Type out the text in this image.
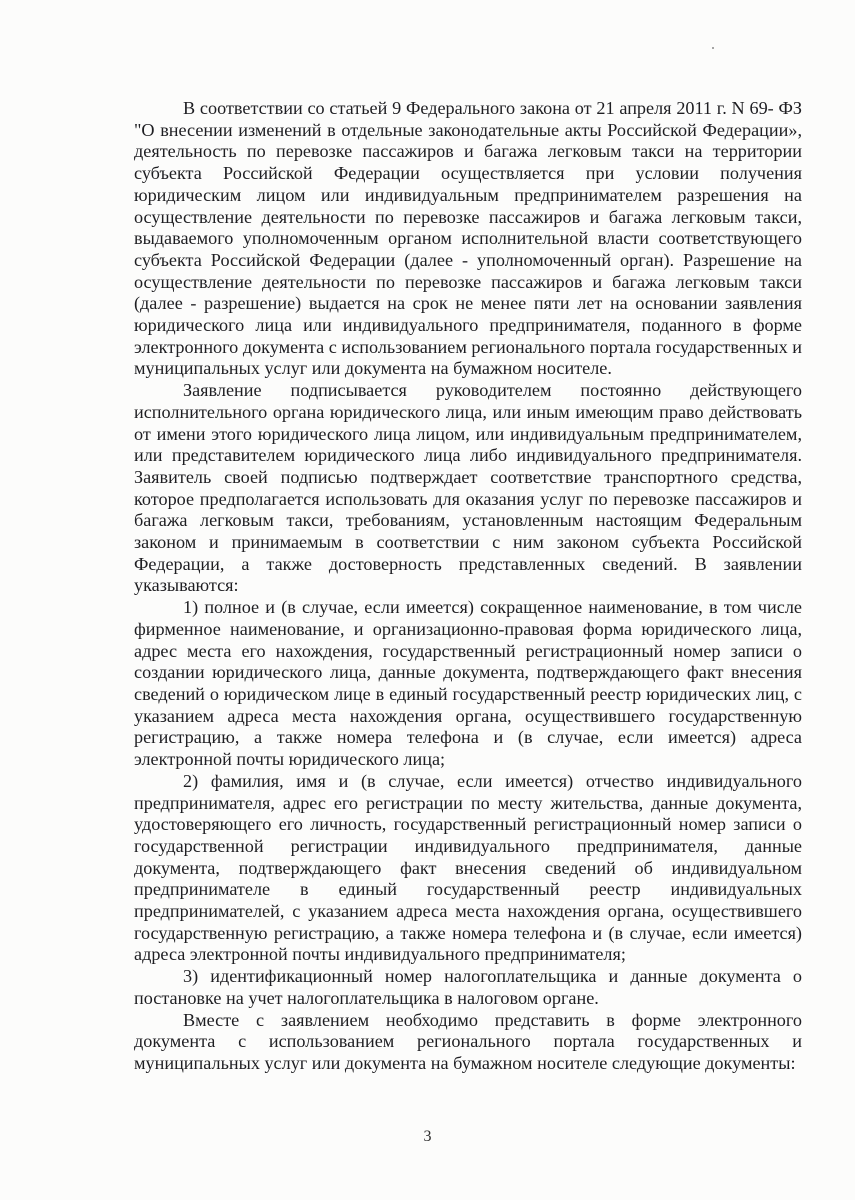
В соответствии со статьей 9 Федерального закона от 21 апреля 2011 г. N 69- ФЗ "О внесении изменений в отдельные законодательные акты Российской Федерации», деятельность по перевозке пассажиров и багажа легковым такси на территории субъекта Российской Федерации осуществляется при условии получения юридическим лицом или индивидуальным предпринимателем разрешения на осуществление деятельности по перевозке пассажиров и багажа легковым такси, выдаваемого уполномоченным органом исполнительной власти соответствующего субъекта Российской Федерации (далее - уполномоченный орган). Разрешение на осуществление деятельности по перевозке пассажиров и багажа легковым такси (далее - разрешение) выдается на срок не менее пяти лет на основании заявления юридического лица или индивидуального предпринимателя, поданного в форме электронного документа с использованием регионального портала государственных и муниципальных услуг или документа на бумажном носителе.

Заявление подписывается руководителем постоянно действующего исполнительного органа юридического лица, или иным имеющим право действовать от имени этого юридического лица лицом, или индивидуальным предпринимателем, или представителем юридического лица либо индивидуального предпринимателя. Заявитель своей подписью подтверждает соответствие транспортного средства, которое предполагается использовать для оказания услуг по перевозке пассажиров и багажа легковым такси, требованиям, установленным настоящим Федеральным законом и принимаемым в соответствии с ним законом субъекта Российской Федерации, а также достоверность представленных сведений. В заявлении указываются:

1) полное и (в случае, если имеется) сокращенное наименование, в том числе фирменное наименование, и организационно-правовая форма юридического лица, адрес места его нахождения, государственный регистрационный номер записи о создании юридического лица, данные документа, подтверждающего факт внесения сведений о юридическом лице в единый государственный реестр юридических лиц, с указанием адреса места нахождения органа, осуществившего государственную регистрацию, а также номера телефона и (в случае, если имеется) адреса электронной почты юридического лица;

2) фамилия, имя и (в случае, если имеется) отчество индивидуального предпринимателя, адрес его регистрации по месту жительства, данные документа, удостоверяющего его личность, государственный регистрационный номер записи о государственной регистрации индивидуального предпринимателя, данные документа, подтверждающего факт внесения сведений об индивидуальном предпринимателе в единый государственный реестр индивидуальных предпринимателей, с указанием адреса места нахождения органа, осуществившего государственную регистрацию, а также номера телефона и (в случае, если имеется) адреса электронной почты индивидуального предпринимателя;

3) идентификационный номер налогоплательщика и данные документа о постановке на учет налогоплательщика в налоговом органе.

Вместе с заявлением необходимо представить в форме электронного документа с использованием регионального портала государственных и муниципальных услуг или документа на бумажном носителе следующие документы:

3
